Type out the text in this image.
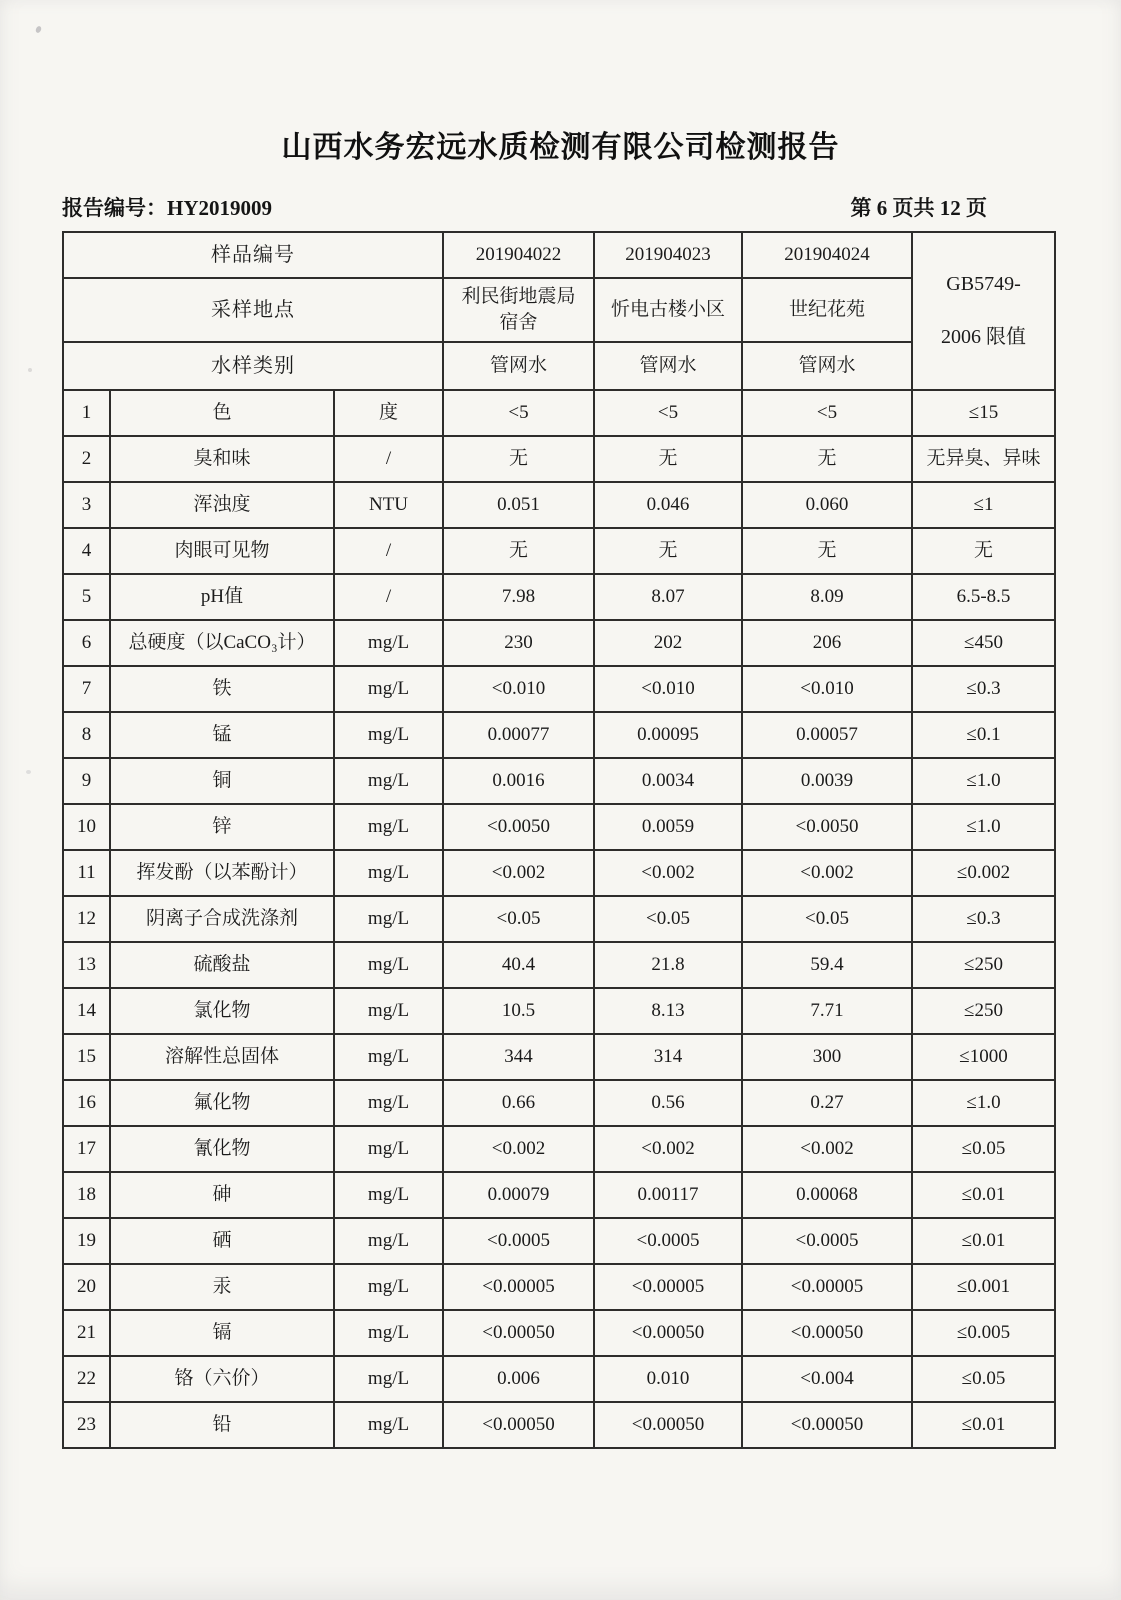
山西水务宏远水质检测有限公司检测报告
报告编号：HY2019009	第 6 页共 12 页
样品编号			201904022	201904023	201904024	GB5749-
2006 限值

采样地点			利民街地震局宿舍	忻电古楼小区	世纪花苑	
水样类别			管网水	管网水	管网水	
1	色	度	<5	<5	<5	≤15
2	臭和味	/	无	无	无	无异臭、异味
3	浑浊度	NTU	0.051	0.046	0.060	≤1
4	肉眼可见物	/	无	无	无	无
5	pH值	/	7.98	8.07	8.09	6.5-8.5
6	总硬度（以CaCO₃计）	mg/L	230	202	206	≤450
7	铁	mg/L	<0.010	<0.010	<0.010	≤0.3
8	锰	mg/L	0.00077	0.00095	0.00057	≤0.1
9	铜	mg/L	0.0016	0.0034	0.0039	≤1.0
10	锌	mg/L	<0.0050	0.0059	<0.0050	≤1.0
11	挥发酚（以苯酚计）	mg/L	<0.002	<0.002	<0.002	≤0.002
12	阴离子合成洗涤剂	mg/L	<0.05	<0.05	<0.05	≤0.3
13	硫酸盐	mg/L	40.4	21.8	59.4	≤250
14	氯化物	mg/L	10.5	8.13	7.71	≤250
15	溶解性总固体	mg/L	344	314	300	≤1000
16	氟化物	mg/L	0.66	0.56	0.27	≤1.0
17	氰化物	mg/L	<0.002	<0.002	<0.002	≤0.05
18	砷	mg/L	0.00079	0.00117	0.00068	≤0.01
19	硒	mg/L	<0.0005	<0.0005	<0.0005	≤0.01
20	汞	mg/L	<0.00005	<0.00005	<0.00005	≤0.001
21	镉	mg/L	<0.00050	<0.00050	<0.00050	≤0.005
22	铬（六价）	mg/L	0.006	0.010	<0.004	≤0.05
23	铅	mg/L	<0.00050	<0.00050	<0.00050	≤0.01
